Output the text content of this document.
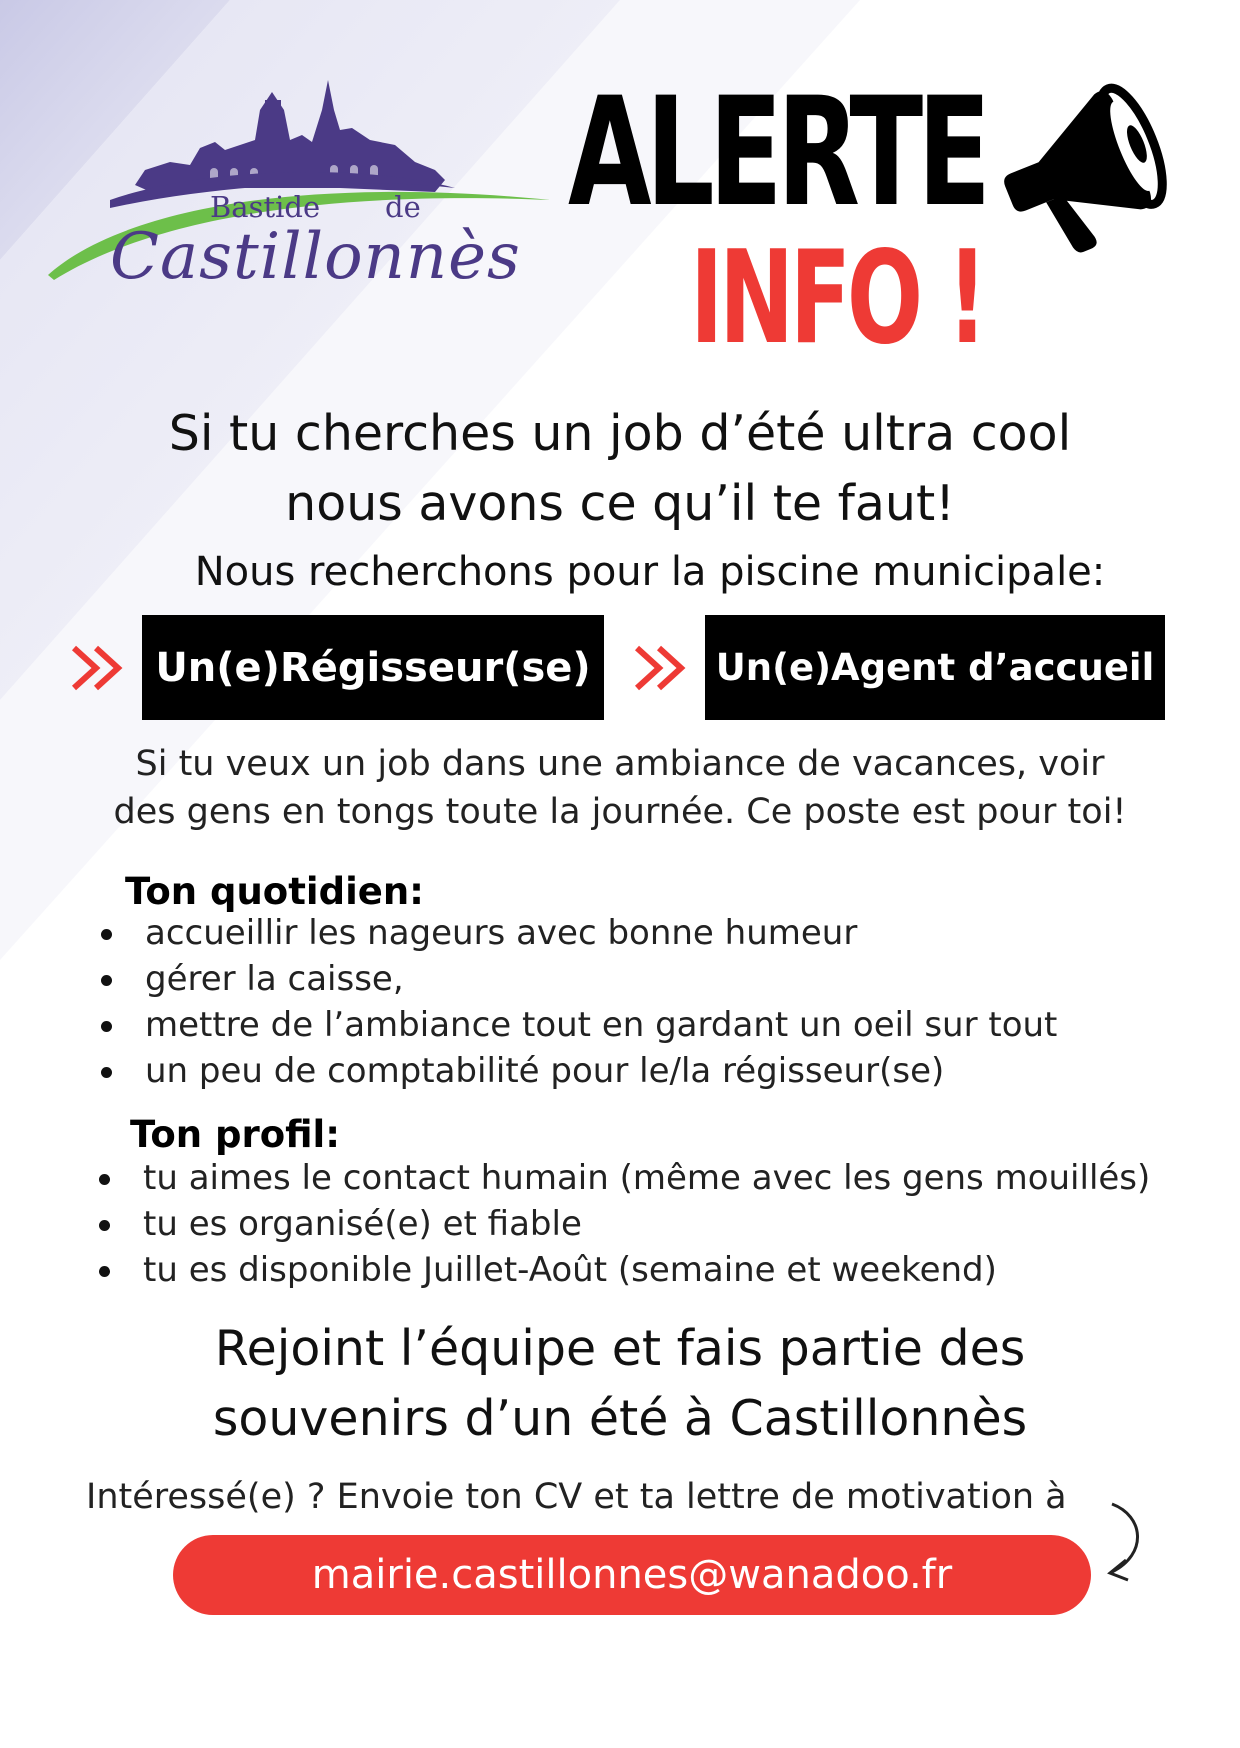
Bastide de
Castillonnès
ALERTE
INFO !
Si tu cherches un job d’été ultra cool
nous avons ce qu’il te faut!
Nous recherchons pour la piscine municipale:
Un(e)Régisseur(se)	Un(e)Agent d’accueil
Si tu veux un job dans une ambiance de vacances, voir
des gens en tongs toute la journée. Ce poste est pour toi!
Ton quotidien:
accueillir les nageurs avec bonne humeur
gérer la caisse,
mettre de l’ambiance tout en gardant un oeil sur tout
un peu de comptabilité pour le/la régisseur(se)
Ton profil:
tu aimes le contact humain (même avec les gens mouillés)
tu es organisé(e) et fiable
tu es disponible Juillet-Août (semaine et weekend)
Rejoint l’équipe et fais partie des
souvenirs d’un été à Castillonnès
Intéressé(e) ? Envoie ton CV et ta lettre de motivation à
mairie.castillonnes@wanadoo.fr
